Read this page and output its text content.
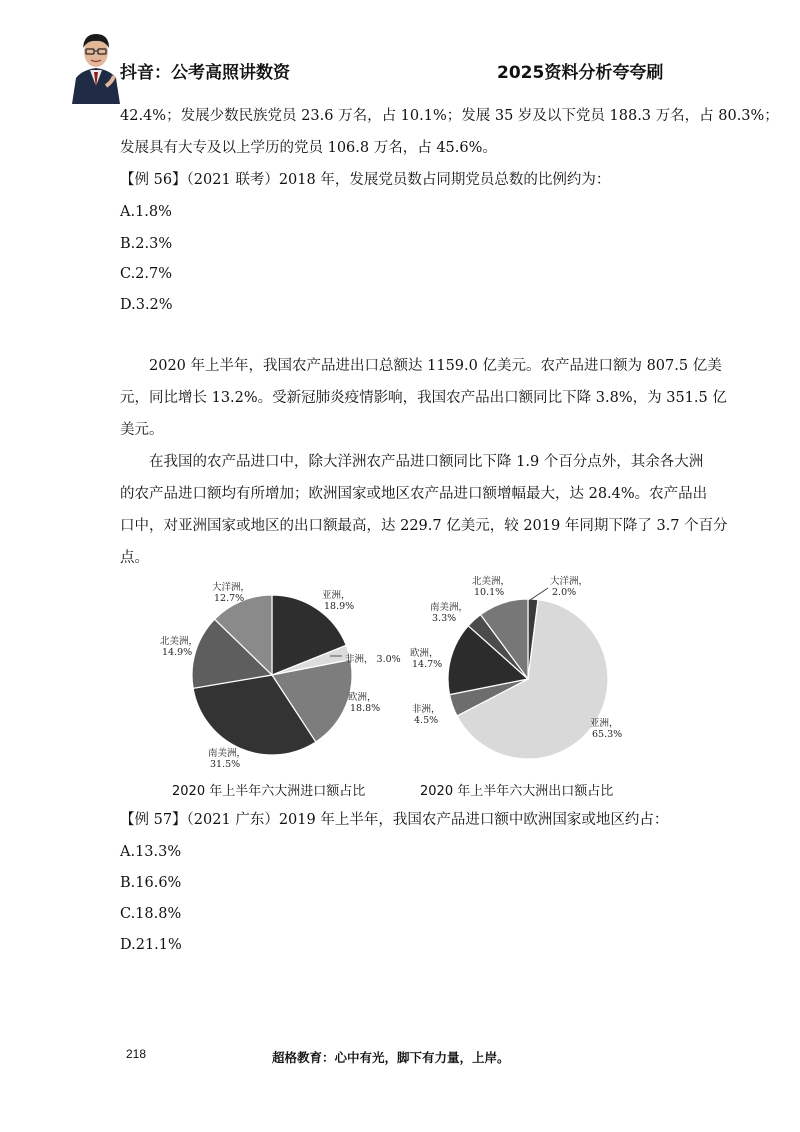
抖音：公考高照讲数资	2025资料分析夸夸刷
42.4%；发展少数民族党员 23.6 万名，占 10.1%；发展 35 岁及以下党员 188.3 万名，占 80.3%；
发展具有大专及以上学历的党员 106.8 万名，占 45.6%。
【例 56】（2021 联考）2018 年，发展党员数占同期党员总数的比例约为：
A.1.8%
B.2.3%
C.2.7%
D.3.2%
2020 年上半年，我国农产品进出口总额达 1159.0 亿美元。农产品进口额为 807.5 亿美
元，同比增长 13.2%。受新冠肺炎疫情影响，我国农产品出口额同比下降 3.8%，为 351.5 亿
美元。
在我国的农产品进口中，除大洋洲农产品进口额同比下降 1.9 个百分点外，其余各大洲
的农产品进口额均有所增加；欧洲国家或地区农产品进口额增幅最大，达 28.4%。农产品出
口中，对亚洲国家或地区的出口额最高，达 229.7 亿美元，较 2019 年同期下降了 3.7 个百分
点。
亚洲，
18.9%
非洲， 3.0%
欧洲，
18.8%
南美洲，
31.5%
北美洲，
14.9%
大洋洲，
12.7%
大洋洲，
2.0%
亚洲，
65.3%
非洲，
4.5%
欧洲，
14.7%
南美洲，
3.3%
北美洲，
10.1%
2020 年上半年六大洲进口额占比	2020 年上半年六大洲出口额占比
【例 57】（2021 广东）2019 年上半年，我国农产品进口额中欧洲国家或地区约占：
A.13.3%
B.16.6%
C.18.8%
D.21.1%
218	超格教育：心中有光，脚下有力量，上岸。
